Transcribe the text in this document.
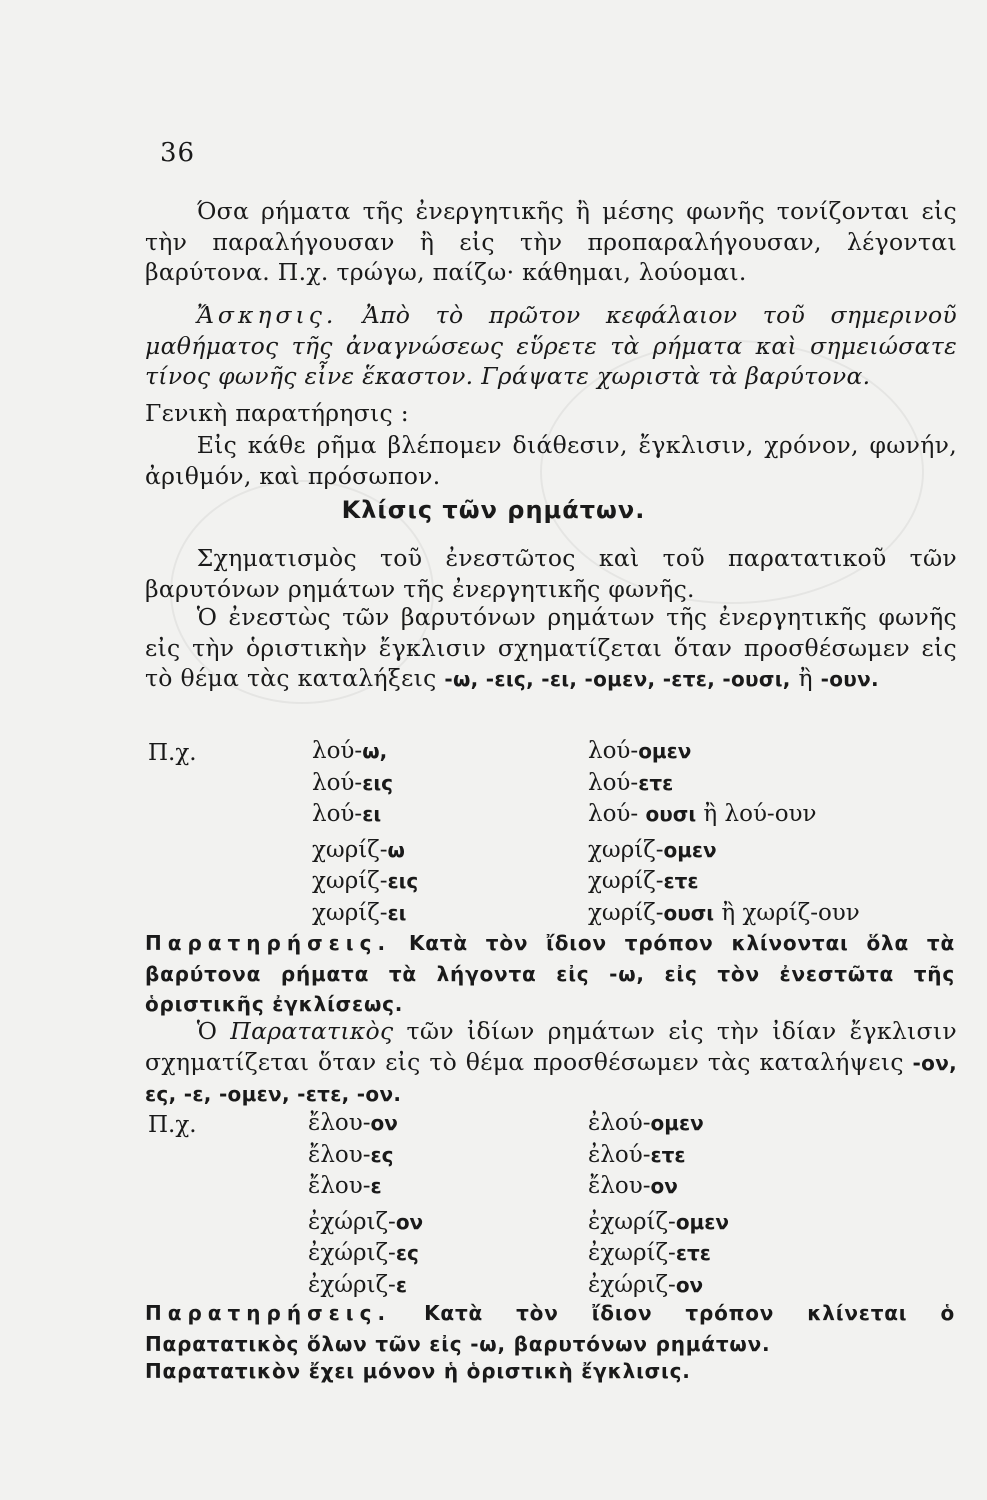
36

Όσα ρήματα τῆς ἐνεργητικῆς ἢ μέσης φωνῆς τονίζονται εἰς τὴν παραλήγουσαν ἢ εἰς τὴν προπαραλήγουσαν, λέγονται βαρύτονα. Π.χ. τρώγω, παίζω· κάθημαι, λούομαι.

Ἄσκησις. Ἀπὸ τὸ πρῶτον κεφάλαιον τοῦ σημερινοῦ μαθήματος τῆς ἀναγνώσεως εὕρετε τὰ ρήματα καὶ σημειώσατε τίνος φωνῆς εἶνε ἕκαστον. Γράψατε χωριστὰ τὰ βαρύτονα.

Γενικὴ παρατήρησις :

Εἰς κάθε ρῆμα βλέπομεν διάθεσιν, ἔγκλισιν, χρόνον, φωνήν, ἀριθμόν, καὶ πρόσωπον.

Κλίσις τῶν ρημάτων.

Σχηματισμὸς τοῦ ἐνεστῶτος καὶ τοῦ παρατατικοῦ τῶν βαρυτόνων ρημάτων τῆς ἐνεργητικῆς φωνῆς.

Ὁ ἐνεστὼς τῶν βαρυτόνων ρημάτων τῆς ἐνεργητικῆς φωνῆς εἰς τὴν ὁριστικὴν ἔγκλισιν σχηματίζεται ὅταν προσθέσωμεν εἰς τὸ θέμα τὰς καταλήξεις -ω, -εις, -ει, -ομεν, -ετε, -ουσι, ἢ -ουν.

Π.χ.	λού-ω,
λού-εις
λού-ει
χωρίζ-ω
χωρίζ-εις
χωρίζ-ει
λού-ομεν
λού-ετε
λού- ουσι ἢ λού-ουν
χωρίζ-ομεν
χωρίζ-ετε
χωρίζ-ουσι ἢ χωρίζ-ουν

Παρατηρήσεις. Κατὰ τὸν ἴδιον τρόπον κλίνονται ὅλα τὰ βαρύτονα ρήματα τὰ λήγοντα εἰς -ω, εἰς τὸν ἐνεστῶτα τῆς ὁριστικῆς ἐγκλίσεως.

Ὁ Παρατατικὸς τῶν ἰδίων ρημάτων εἰς τὴν ἰδίαν ἔγκλισιν σχηματίζεται ὅταν εἰς τὸ θέμα προσθέσωμεν τὰς καταλήψεις -ον, ες, -ε, -ομεν, -ετε, -ον.

Π.χ.	ἔλου-ον
ἔλου-ες
ἔλου-ε
ἐχώριζ-ον
ἐχώριζ-ες
ἐχώριζ-ε
ἐλού-ομεν
ἐλού-ετε
ἔλου-ον
ἐχωρίζ-ομεν
ἐχωρίζ-ετε
ἐχώριζ-ον

Παρατηρήσεις. Κατὰ τὸν ἴδιον τρόπον κλίνεται ὁ Παρατατικὸς ὅλων τῶν εἰς -ω, βαρυτόνων ρημάτων.

Παρατατικὸν ἔχει μόνον ἡ ὁριστικὴ ἔγκλισις.
